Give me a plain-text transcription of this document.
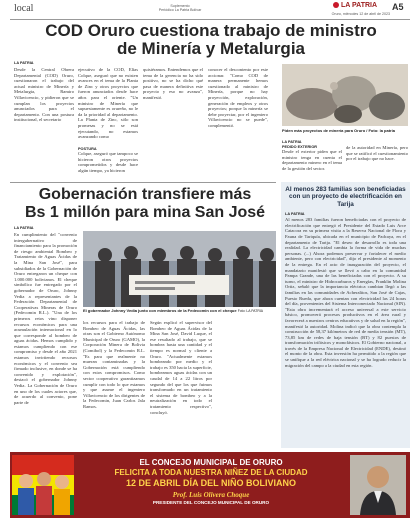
local	Suplemento
Periódico La Patria Bolívar
LA PATRIA A5
Oruro, miércoles 12 de abril de 2023
COD Oruro cuestiona trabajo de ministro de Minería y Metalurgia
LA PATRIA
Desde la Central Obrera Departamental (COD) Oruro, cuestionaron el trabajo del actual ministro de Minería y Metalurgia, Ramiro Villavicencio, y pidieron que se cumplan los proyectos anunciados para el departamento. Con una postura institucional, el secretario
ejecutivo de la COD, Elías Colque, aseguró que no existen avances en el tema de la Planta de Zinc y otros proyectos que fueron anunciados desde hace años para el oriente. "Un ministro de Minería que supuestamente es orureño, no le da la prioridad al departamento. La Planta de Zinc, sólo son promesas y no se está ejecutando, no estamos avanzando como
POSTURA
Colque, aseguró que tampoco se hicieron otros proyectos comprometidos y desde hace algún tiempo, ya hicieron
quisiéramos. Entendemos que el tema de la gerencia no ha sido positivo, no se ha dicho qué pasa de manera definitiva este proyecto y eso no avanza", manifestó.
conocer el descontento por este accionar. "Como COD de manera permanente hemos cuestionado al ministro de Minería, porque no hay proyección, exploración, generación de empleos y otros proyectos; porque la minería se debe proyectar, por el ingeniero Villavicencio no se puede", complementó.
Piden más proyectos de minería para Oruro / Foto: la patria
LA PATRIA
PEDIDO EXTERIOR
Desde el exterior piden que el ministro tenga en cuenta el departamento minero en el tema de la gestión del sector.
de la autoridad en Minería, pero que se ratificó el cuestionamiento por el trabajo que no hace.
Gobernación transfiere más
Bs 1 millón para mina San José
LA PATRIA
En cumplimiento del "convenio intergubernativo de financiamiento para la promoción de riesgo ambiental Bombeo y Tratamiento de Aguas Ácidas de la Mina San José", para subsidiados de la Gobernación de Oruro entregaron un cheque con 1.000.000 bolivianos. El cheque simbólico fue entregado por el gobernador de Oruro, Johnny Vedia a representantes de la Federación Departamental de Cooperativas Mineras de Oruro (Fedecomin R.L.). "Una de los primeros retos vino disponer recursos económicos para una acumulación internacional en lo que corresponde al bombeo de aguas ácidas. Hemos cumplido y estamos cumpliendo con ese compromiso y desde el año 2021 estamos invirtiendo recursos económicos y el convenio sea firmado inclusive, en donde se ha convenido y explotación", destacó el gobernador Johnny Vedia. La Gobernación de Oruro en uno de los cuales actores que, de acuerdo al convenio, pone parte de
El gobernador Johnny Vedia junto con miembros de la Fedecomin con el cheque Foto: LA PATRIA
los recursos para el trabajo de Bombeo de Aguas Ácidas, las otras son el Gobierno Autónomo Municipal de Oruro (GAMO), la Corporación Minera de Bolivia (Comibol) y la Fedecomin R.L. "Es para que realmente no mueran contaminadas y la Gobernación está cumpliendo con estos compromisos. Como sector cooperativo garantizamos cumplir con todo lo que estamos y que asume el ingeniero Villavicencio de los dirigentes de la Fedecomin, Juan Carlos Jala Ramos.
Según explicó el supervisor del Bombeo de Aguas Ácidas de la Mina San José, David Luque, el ese resultado al trabajo, que se bombea hasta una cantidad y el tiempo es normal y cliente a Oruro. "Actualmente estamos bombeando por medio y el trabajo es 350 hacia la superficie, bombeamos aguas ácidas con un caudal de 14 a 22 litros por segundo del que los que fuimos transformado en un tratamiento el sistema de bombeo y a la neutralización en todo el tratamiento respectivo", concluyó.
Al menos 283 familias son beneficiadas con un proyecto de electrificación en Tarija
LA PATRIA
Al menos 283 familias fueron beneficiadas con el proyecto de electrificación que entregó el Presidente del Estado Luis Arce Catacora en su primera visita a la Reserva Nacional de Flora y Fauna de Tariquía, ubicada en el municipio de Padcaya, en el departamento de Tarija. "El deseo de desarrollo es toda una realidad. La electricidad cambia la forma de vida de muchas personas. (...) Ahora podemos preservar y fortalecer el medio ambiente, pero con electricidad", dijo el presidente al momento de la entrega. En el acto de inauguración del proyecto, el mandatario manifestó que se llevó a cabo en la comunidad Pampa Grande, una de las beneficiadas con el proyecto. A su turno, el ministro de Hidrocarburos y Energías, Franklin Molina Ortiz, señaló que la importancia eléctrica cambian llegó a las familias en las comunidades de Acheralitos, San José de Cajas, Puesto Rueda, que ahora cuentan con electricidad las 24 horas del día, provenientes del Sistema Interconectado Nacional (SIN). "Esta obra incrementará el acceso universal a este servicio básico, promoverá procesos productivos en el área rural y favorecerá a nuestros centros educativos y de salud en la región", manifestó la autoridad. Molina indicó que la obra contempla la construcción de 58,37 kilómetros de red de media tensión (MT), 73,85 km de redes de baja tensión (BT) y 82 puestos de transformación trifásicos y monofásicos. El Gobierno nacional, a través de la Empresa Nacional de Electricidad (ENDE), destinó el monto de la obra. Esta inversión ha permitido a la región que se unifique a la red eléctrica nacional y se ha logrado reducir la migración del campo a la ciudad en esta región.
EL CONCEJO MUNICIPAL DE ORURO
FELICITA A TODA NUESTRA NIÑEZ DE LA CIUDAD
12 DE ABRIL DÍA DEL NIÑO BOLIVIANO
Prof. Luis Olivera Choque
PRESIDENTE DEL CONCEJO MUNICIPAL DE ORURO
